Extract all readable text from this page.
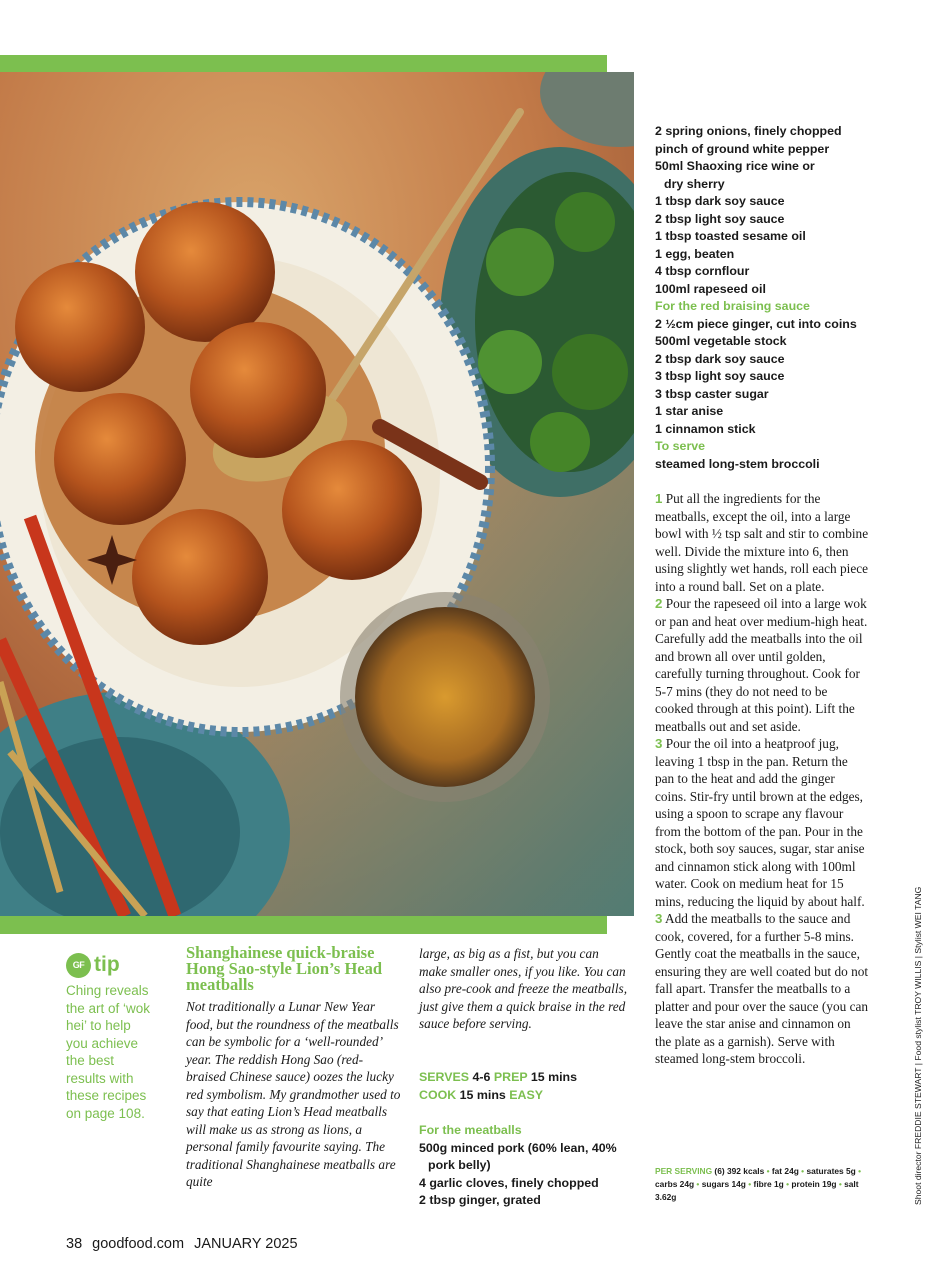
2 spring onions, finely chopped
pinch of ground white pepper
50ml Shaoxing rice wine or
dry sherry
1 tbsp dark soy sauce
2 tbsp light soy sauce
1 tbsp toasted sesame oil
1 egg, beaten
4 tbsp cornflour
100ml rapeseed oil
For the red braising sauce
2 ½cm piece ginger, cut into coins
500ml vegetable stock
2 tbsp dark soy sauce
3 tbsp light soy sauce
3 tbsp caster sugar
1 star anise
1 cinnamon stick
To serve
steamed long-stem broccoli

1 Put all the ingredients for the meatballs, except the oil, into a large bowl with ½ tsp salt and stir to combine well. Divide the mixture into 6, then using slightly wet hands, roll each piece into a round ball. Set on a plate.

2 Pour the rapeseed oil into a large wok or pan and heat over medium-high heat. Carefully add the meatballs into the oil and brown all over until golden, carefully turning throughout. Cook for 5-7 mins (they do not need to be cooked through at this point). Lift the meatballs out and set aside.

3 Pour the oil into a heatproof jug, leaving 1 tbsp in the pan. Return the pan to the heat and add the ginger coins. Stir-fry until brown at the edges, using a spoon to scrape any flavour from the bottom of the pan. Pour in the stock, both soy sauces, sugar, star anise and cinnamon stick along with 100ml water. Cook on medium heat for 15 mins, reducing the liquid by about half.

3 Add the meatballs to the sauce and cook, covered, for a further 5-8 mins. Gently coat the meatballs in the sauce, ensuring they are well coated but do not fall apart. Transfer the meatballs to a platter and pour over the sauce (you can leave the star anise and cinnamon on the plate as a garnish). Serve with steamed long-stem broccoli.

PER SERVING (6) 392 kcals • fat 24g • saturates 5g • carbs 24g • sugars 14g • fibre 1g • protein 19g • salt 3.62g	Shoot director FREDDIE STEWART | Food stylist TROY WILLIS | Stylist WEI TANG
GF tip
Ching reveals the art of ‘wok hei’ to help you achieve the best results with these recipes on page 108.
Shanghainese quick-braise Hong Sao-style Lion’s Head meatballs
Not traditionally a Lunar New Year food, but the roundness of the meatballs can be symbolic for a ‘well-rounded’ year. The reddish Hong Sao (red-braised Chinese sauce) oozes the lucky red symbolism. My grandmother used to say that eating Lion’s Head meatballs will make us as strong as lions, a personal family favourite saying. The traditional Shanghainese meatballs are quite
large, as big as a fist, but you can make smaller ones, if you like. You can also pre-cook and freeze the meatballs, just give them a quick braise in the red sauce before serving.
SERVES 4-6 PREP 15 mins
COOK 15 mins EASY
For the meatballs
500g minced pork (60% lean, 40%
pork belly)
4 garlic cloves, finely chopped
2 tbsp ginger, grated
38 goodfood.com JANUARY 2025
